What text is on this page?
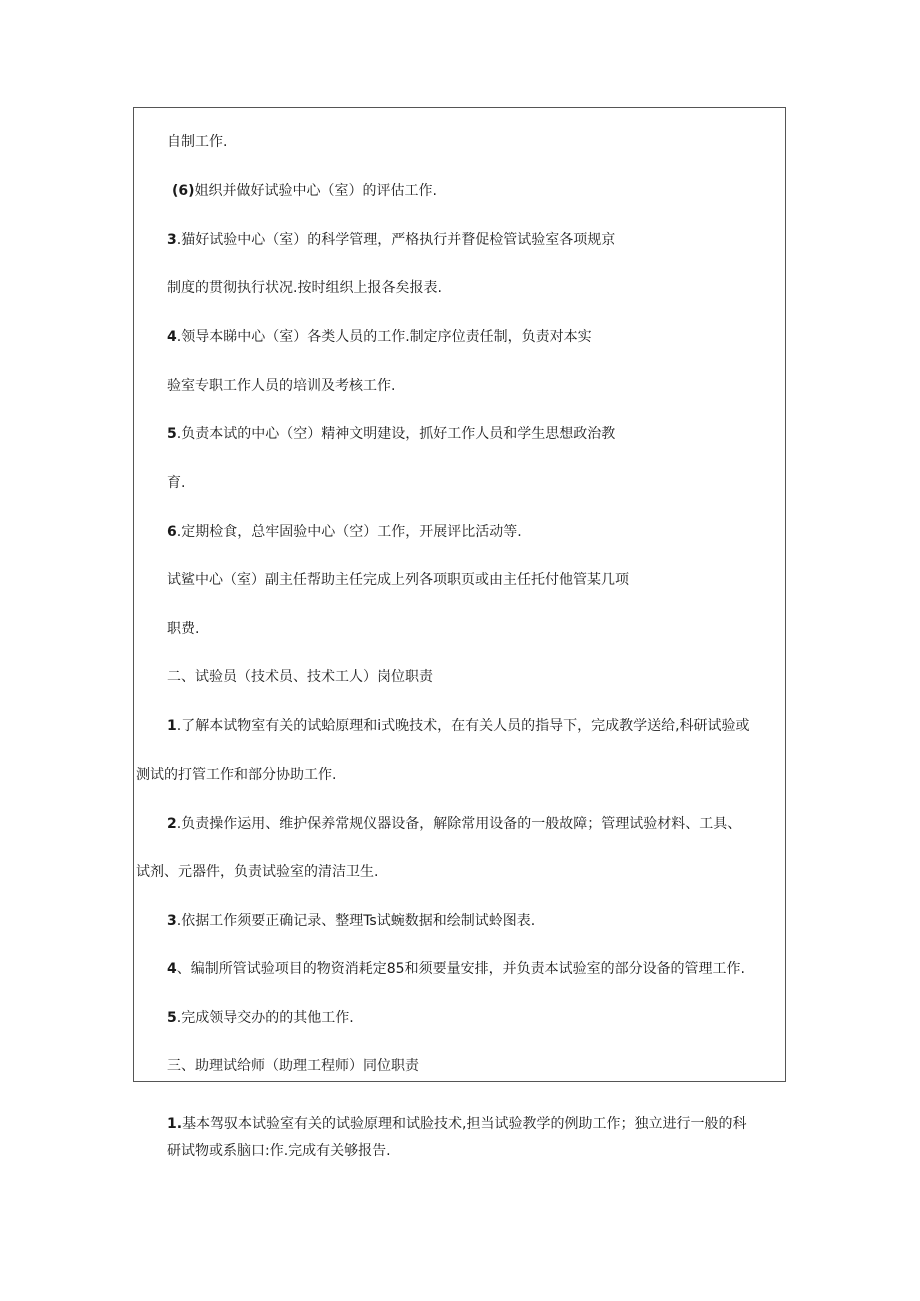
自制工作.
(6)姐织并做好试验中心（室）的评估工作.
3.猫好试验中心（室）的科学管理，严格执行并瞀促检管试验室各项规京
制度的贯彻执行状况.按时组织上报各矣报表.
4.领导本睇中心（室）各类人员的工作.制定序位责任制，负责对本实
验室专职工作人员的培训及考核工作.
5.负责本试的中心（空）精神文明建设，抓好工作人员和学生思想政治教
育.
6.定期检食，总牢固验中心（空）工作，开展评比活动等.
试鲨中心（室）副主任帮助主任完成上列各项职页或由主任托付他管某几项
职费.
二、试验员（技术员、技术工人）岗位职责
1.了解本试物室有关的试蛤原理和i式晚技术，在有关人员的指导下，完成教学送给,科研试验或
测试的打管工作和部分协助工作.
2.负责操作运用、维护保养常规仪器设备，解除常用设备的一般故障；管理试验材料、工具、
试剂、元器件，负责试验室的清洁卫生.
3.依据工作须要正确记录、整理Ts试蜿数据和绘制试蛉图表.
4、编制所管试验项目的物资消耗定85和须要量安排，并负责本试验室的部分设备的管理工作.
5.完成领导交办的的其他工作.
三、助理试给师（助理工程师）同位职责
1.基本驾驭本试验室有关的试验原理和试脸技术,担当试验教学的例助工作；独立进行一般的科
研试物或系脑口:作.完成有关够报告.
